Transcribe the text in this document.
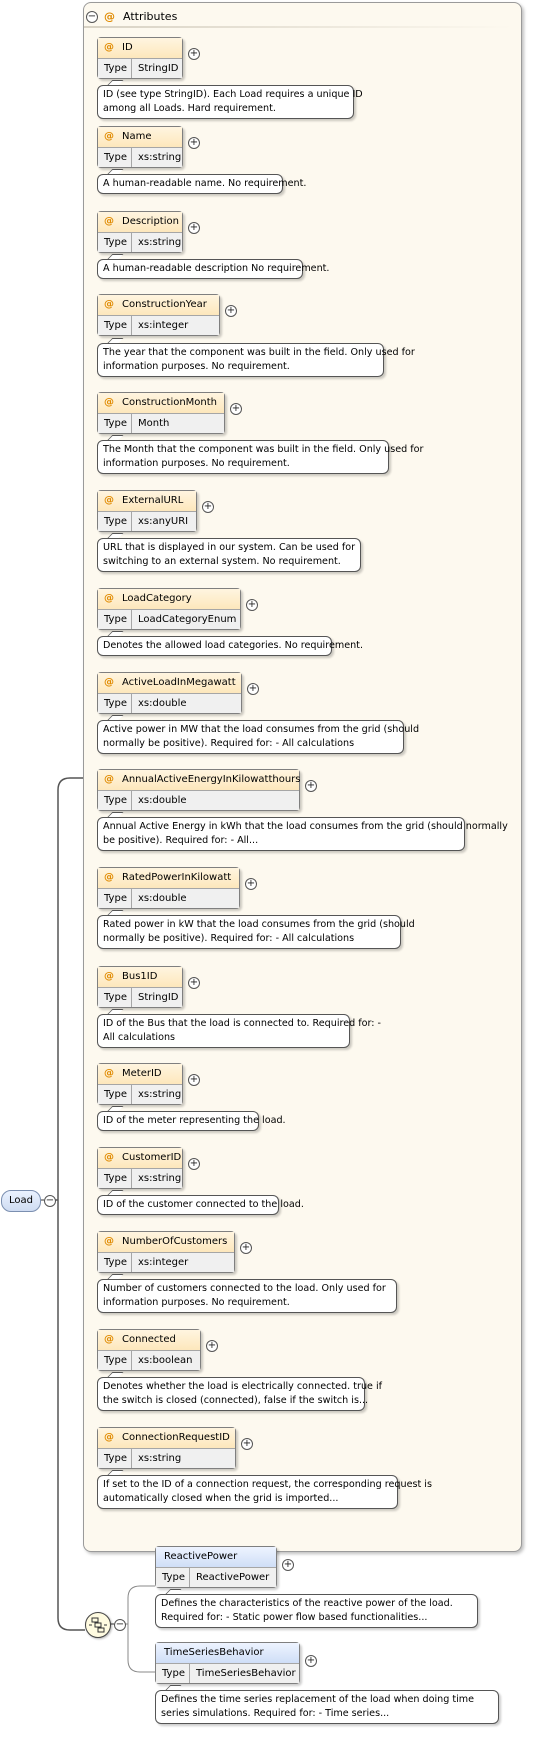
Load	−
− @ Attributes
@ ID
Type	StringID
+
ID (see type StringID). Each Load requires a unique ID
among all Loads. Hard requirement.
@ Name
Type	xs:string
+
A human-readable name. No requirement.
@ Description
Type	xs:string
+
A human-readable description No requirement.
@ ConstructionYear
Type	xs:integer
+
The year that the component was built in the field. Only used for
information purposes. No requirement.
@ ConstructionMonth
Type	Month
+
The Month that the component was built in the field. Only used for
information purposes. No requirement.
@ ExternalURL
Type	xs:anyURI
+
URL that is displayed in our system. Can be used for
switching to an external system. No requirement.
@ LoadCategory
Type	LoadCategoryEnum
+
Denotes the allowed load categories. No requirement.
@ ActiveLoadInMegawatt
Type	xs:double
+
Active power in MW that the load consumes from the grid (should
normally be positive). Required for: - All calculations
@ AnnualActiveEnergyInKilowatthours
Type	xs:double
+
Annual Active Energy in kWh that the load consumes from the grid (should normally
be positive). Required for: - All...
@ RatedPowerInKilowatt
Type	xs:double
+
Rated power in kW that the load consumes from the grid (should
normally be positive). Required for: - All calculations
@ Bus1ID
Type	StringID
+
ID of the Bus that the load is connected to. Required for: -
All calculations
@ MeterID
Type	xs:string
+
ID of the meter representing the load.
@ CustomerID
Type	xs:string
+
ID of the customer connected to the load.
@ NumberOfCustomers
Type	xs:integer
+
Number of customers connected to the load. Only used for
information purposes. No requirement.
@ Connected
Type	xs:boolean
+
Denotes whether the load is electrically connected. true if
the switch is closed (connected), false if the switch is...
@ ConnectionRequestID
Type	xs:string
+
If set to the ID of a connection request, the corresponding request is
automatically closed when the grid is imported...
−
ReactivePower
Type	ReactivePower
+
Defines the characteristics of the reactive power of the load.
Required for: - Static power flow based functionalities...
TimeSeriesBehavior
Type	TimeSeriesBehavior
+
Defines the time series replacement of the load when doing time
series simulations. Required for: - Time series...
